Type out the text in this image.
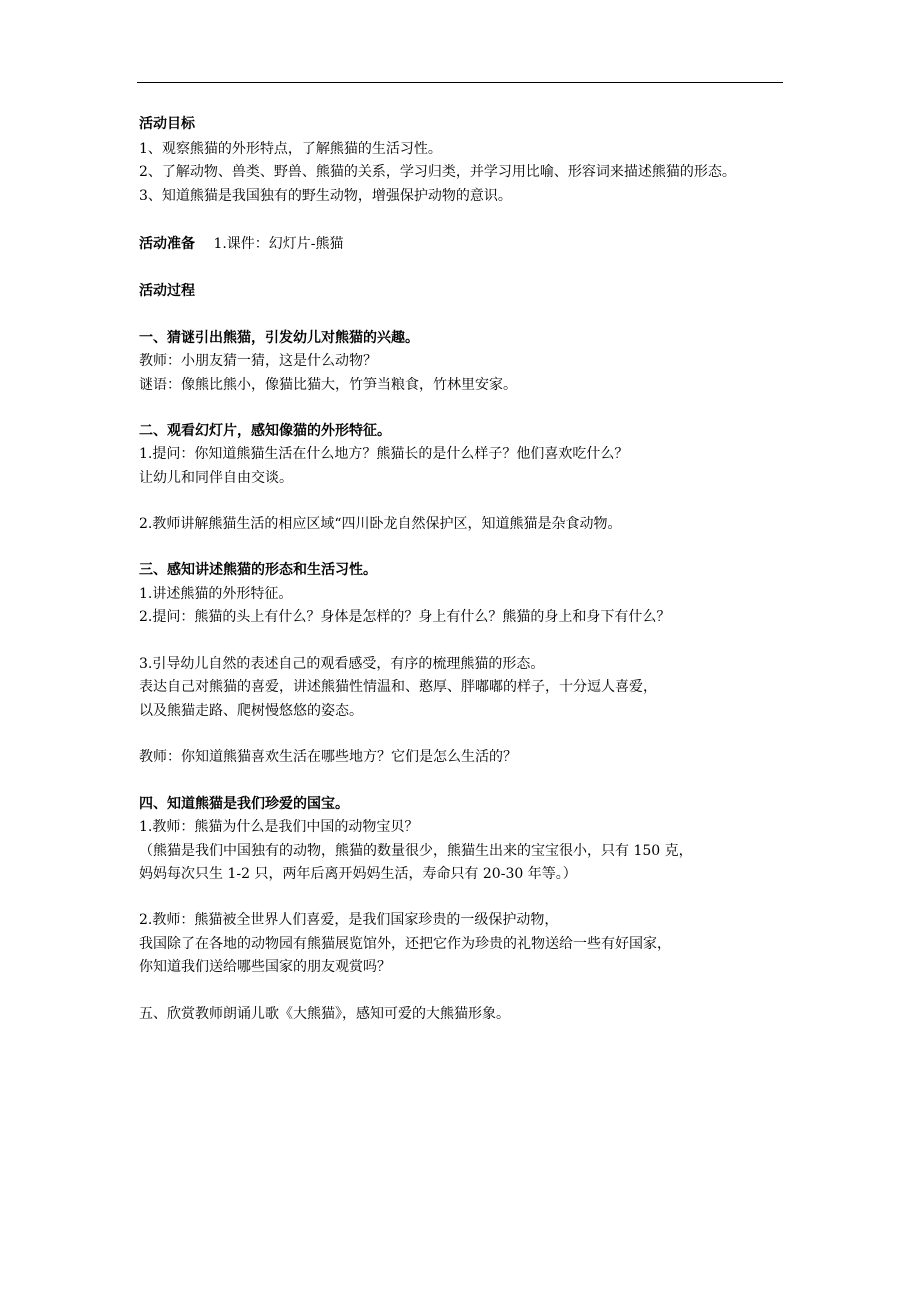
活动目标
1、观察熊猫的外形特点，了解熊猫的生活习性。
2、了解动物、兽类、野兽、熊猫的关系，学习归类，并学习用比喻、形容词来描述熊猫的形态。
3、知道熊猫是我国独有的野生动物，增强保护动物的意识。
活动准备 1.课件：幻灯片-熊猫
活动过程
一、猜谜引出熊猫，引发幼儿对熊猫的兴趣。
教师：小朋友猜一猜，这是什么动物？
谜语：像熊比熊小，像猫比猫大，竹笋当粮食，竹林里安家。
二、观看幻灯片，感知像猫的外形特征。
1.提问：你知道熊猫生活在什么地方？熊猫长的是什么样子？他们喜欢吃什么？
让幼儿和同伴自由交谈。
2.教师讲解熊猫生活的相应区域“四川卧龙自然保护区，知道熊猫是杂食动物。
三、感知讲述熊猫的形态和生活习性。
1.讲述熊猫的外形特征。
2.提问：熊猫的头上有什么？身体是怎样的？身上有什么？熊猫的身上和身下有什么？
3.引导幼儿自然的表述自己的观看感受，有序的梳理熊猫的形态。
表达自己对熊猫的喜爱，讲述熊猫性情温和、憨厚、胖嘟嘟的样子，十分逗人喜爱，
以及熊猫走路、爬树慢悠悠的姿态。
教师：你知道熊猫喜欢生活在哪些地方？它们是怎么生活的？
四、知道熊猫是我们珍爱的国宝。
1.教师：熊猫为什么是我们中国的动物宝贝？
（熊猫是我们中国独有的动物，熊猫的数量很少，熊猫生出来的宝宝很小，只有 150 克，
妈妈每次只生 1-2 只，两年后离开妈妈生活，寿命只有 20-30 年等。）
2.教师：熊猫被全世界人们喜爱，是我们国家珍贵的一级保护动物，
我国除了在各地的动物园有熊猫展览馆外，还把它作为珍贵的礼物送给一些有好国家，
你知道我们送给哪些国家的朋友观赏吗？
五、欣赏教师朗诵儿歌《大熊猫》，感知可爱的大熊猫形象。
